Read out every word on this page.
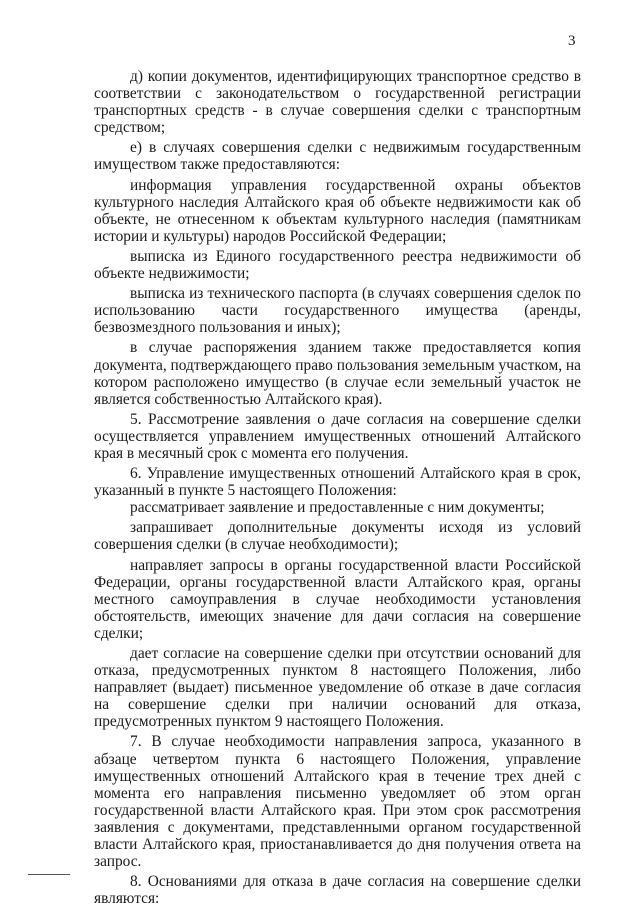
3

д) копии документов, идентифицирующих транспортное средство в соответствии с законодательством о государственной регистрации транспортных средств - в случае совершения сделки с транспортным средством;

е) в случаях совершения сделки с недвижимым государственным имуществом также предоставляются:

информация управления государственной охраны объектов культурного наследия Алтайского края об объекте недвижимости как об объекте, не отнесенном к объектам культурного наследия (памятникам истории и культуры) народов Российской Федерации;

выписка из Единого государственного реестра недвижимости об объекте недвижимости;

выписка из технического паспорта (в случаях совершения сделок по использованию части государственного имущества (аренды, безвозмездного пользования и иных);

в случае распоряжения зданием также предоставляется копия документа, подтверждающего право пользования земельным участком, на котором расположено имущество (в случае если земельный участок не является собственностью Алтайского края).

5. Рассмотрение заявления о даче согласия на совершение сделки осуществляется управлением имущественных отношений Алтайского края в месячный срок с момента его получения.

6. Управление имущественных отношений Алтайского края в срок, указанный в пункте 5 настоящего Положения:

рассматривает заявление и предоставленные с ним документы;

запрашивает дополнительные документы исходя из условий совершения сделки (в случае необходимости);

направляет запросы в органы государственной власти Российской Федерации, органы государственной власти Алтайского края, органы местного самоуправления в случае необходимости установления обстоятельств, имеющих значение для дачи согласия на совершение сделки;

дает согласие на совершение сделки при отсутствии оснований для отказа, предусмотренных пунктом 8 настоящего Положения, либо направляет (выдает) письменное уведомление об отказе в даче согласия на совершение сделки при наличии оснований для отказа, предусмотренных пунктом 9 настоящего Положения.

7. В случае необходимости направления запроса, указанного в абзаце четвертом пункта 6 настоящего Положения, управление имущественных отношений Алтайского края в течение трех дней с момента его направления письменно уведомляет об этом орган государственной власти Алтайского края. При этом срок рассмотрения заявления с документами, представленными органом государственной власти Алтайского края, приостанавливается до дня получения ответа на запрос.

8. Основаниями для отказа в даче согласия на совершение сделки являются:
